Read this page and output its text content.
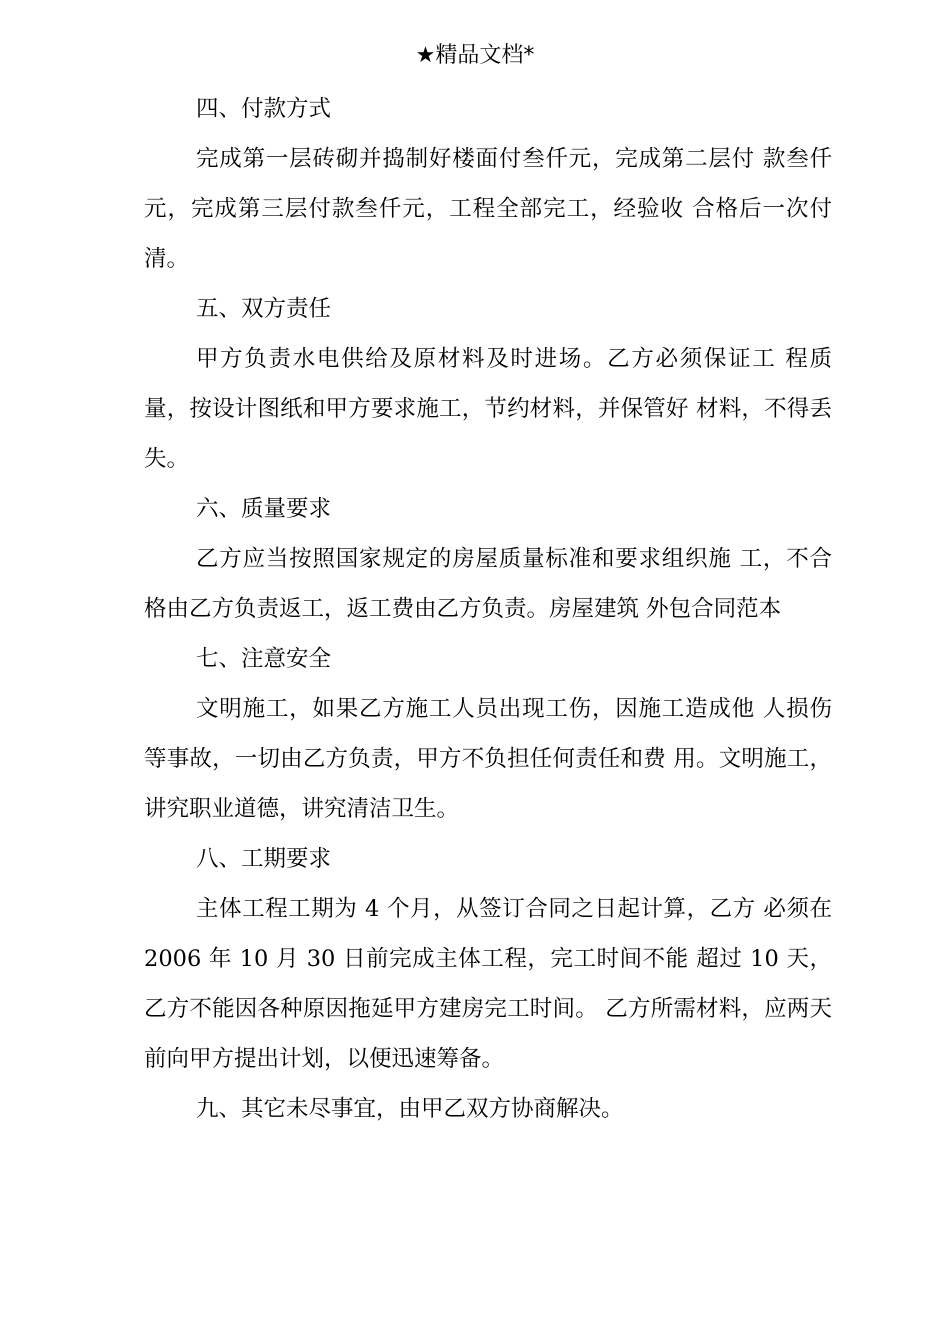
★精品文档*

四、付款方式

完成第一层砖砌并捣制好楼面付叁仟元，完成第二层付 款叁仟元，完成第三层付款叁仟元，工程全部完工，经验收 合格后一次付清。

五、双方责任

甲方负责水电供给及原材料及时进场。乙方必须保证工 程质量，按设计图纸和甲方要求施工，节约材料，并保管好 材料，不得丢失。

六、质量要求

乙方应当按照国家规定的房屋质量标准和要求组织施 工，不合格由乙方负责返工，返工费由乙方负责。房屋建筑 外包合同范本

七、注意安全

文明施工，如果乙方施工人员出现工伤，因施工造成他 人损伤等事故，一切由乙方负责，甲方不负担任何责任和费 用。文明施工，讲究职业道德，讲究清洁卫生。

八、工期要求

主体工程工期为 4 个月，从签订合同之日起计算，乙方 必须在 2006 年 10 月 30 日前完成主体工程，完工时间不能 超过 10 天，乙方不能因各种原因拖延甲方建房完工时间。 乙方所需材料，应两天前向甲方提出计划，以便迅速筹备。

九、其它未尽事宜，由甲乙双方协商解决。
